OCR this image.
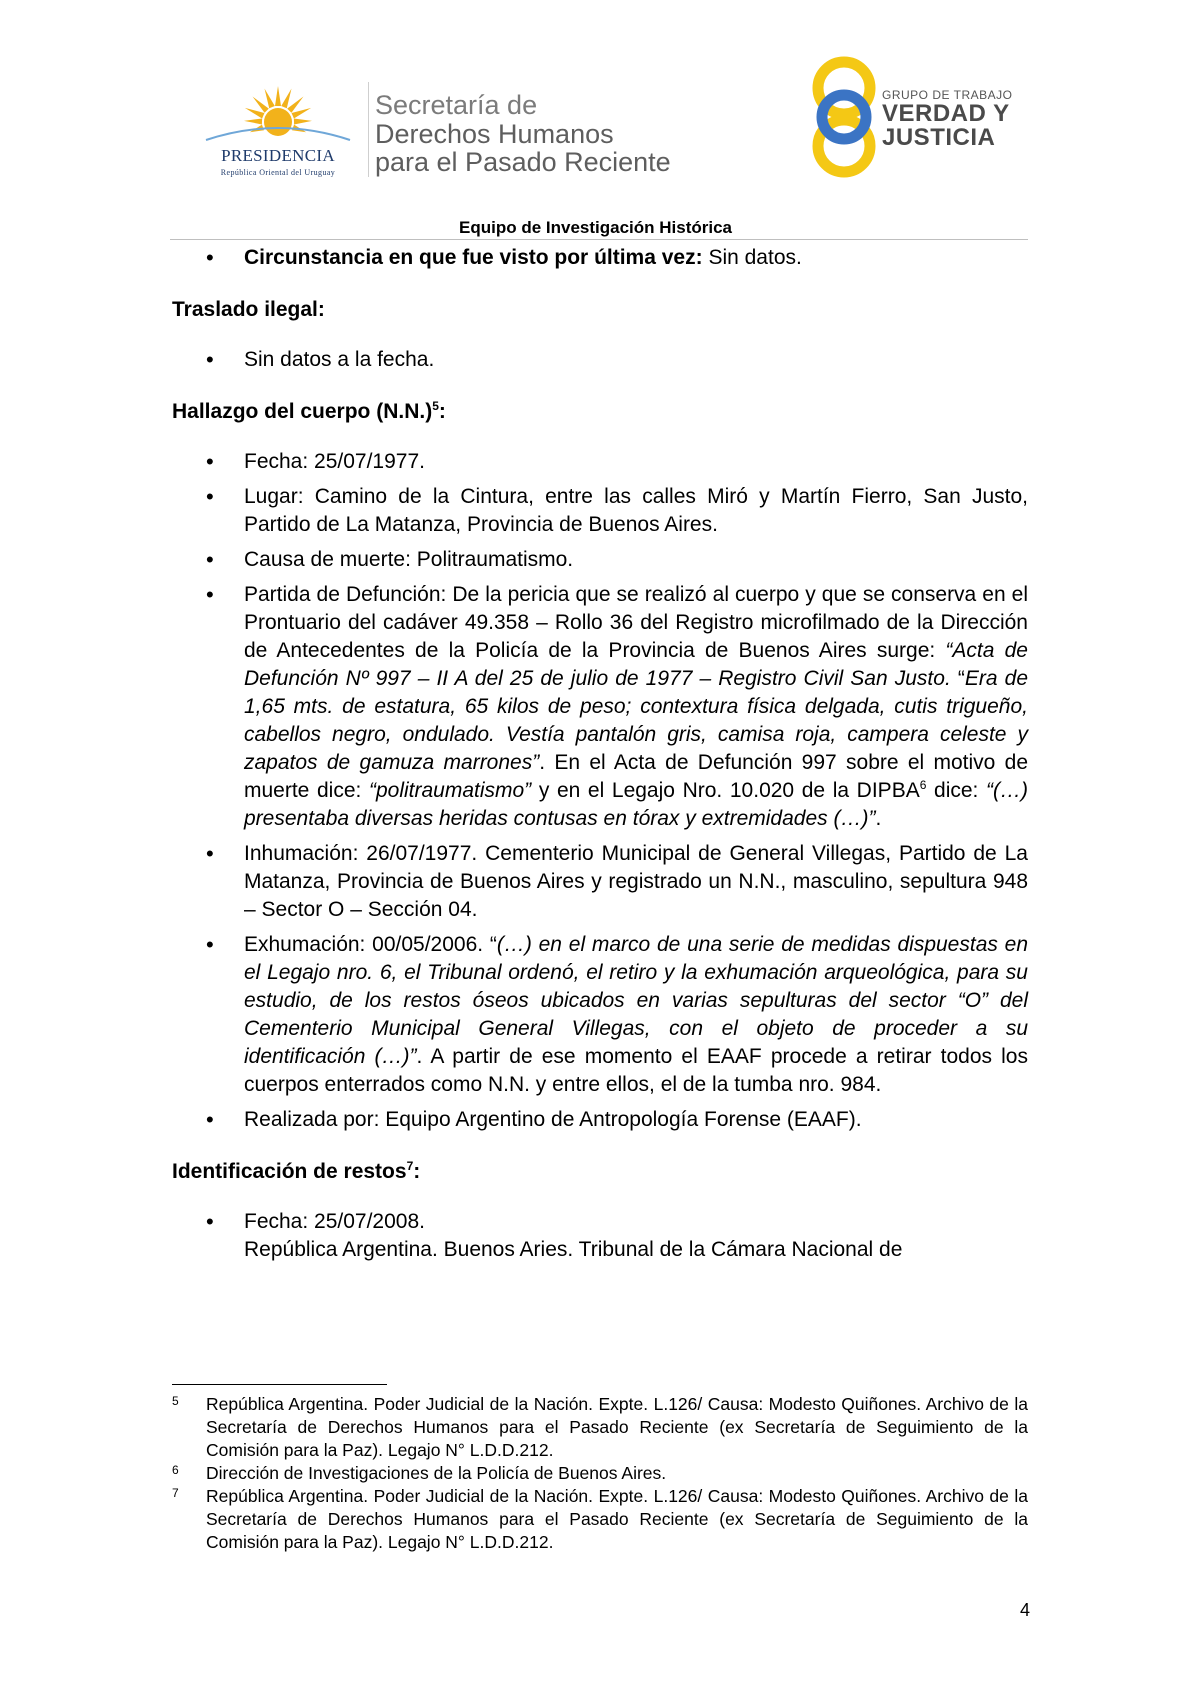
PRESIDENCIA
República Oriental del Uruguay
Secretaría de
Derechos Humanos
para el Pasado Reciente
GRUPO DE TRABAJO
VERDAD Y
JUSTICIA
Equipo de Investigación Histórica
• Circunstancia en que fue visto por última vez: Sin datos.
Traslado ilegal:
• Sin datos a la fecha.
Hallazgo del cuerpo $(N.N.)^5$:
• Fecha: 25/07/1977.
• Lugar: Camino de la Cintura, entre las calles Miró y Martín Fierro, San Justo, Partido de La Matanza, Provincia de Buenos Aires.
• Causa de muerte: Politraumatismo.
• Partida de Defunción: De la pericia que se realizó al cuerpo y que se conserva en el Prontuario del cadáver 49.358 – Rollo 36 del Registro microfilmado de la Dirección de Antecedentes de la Policía de la Provincia de Buenos Aires surge: “Acta de Defunción Nº 997 – II A del 25 de julio de 1977 – Registro Civil San Justo. “Era de 1,65 mts. de estatura, 65 kilos de peso; contextura física delgada, cutis trigueño, cabellos negro, ondulado. Vestía pantalón gris, camisa roja, campera celeste y zapatos de gamuza marrones”. En el Acta de Defunción 997 sobre el motivo de muerte dice: “politraumatismo” y en el Legajo Nro. 10.020 de la DIPBA$^6$ dice: “(…) presentaba diversas heridas contusas en tórax y extremidades (…)”.
• Inhumación: 26/07/1977. Cementerio Municipal de General Villegas, Partido de La Matanza, Provincia de Buenos Aires y registrado un N.N., masculino, sepultura 948 – Sector O – Sección 04.
• Exhumación: 00/05/2006. “(…) en el marco de una serie de medidas dispuestas en el Legajo nro. 6, el Tribunal ordenó, el retiro y la exhumación arqueológica, para su estudio, de los restos óseos ubicados en varias sepulturas del sector “O” del Cementerio Municipal General Villegas, con el objeto de proceder a su identificación (…)”. A partir de ese momento el EAAF procede a retirar todos los cuerpos enterrados como N.N. y entre ellos, el de la tumba nro. 984.
• Realizada por: Equipo Argentino de Antropología Forense (EAAF).
Identificación de restos$^7$:
• Fecha: 25/07/2008.
República Argentina. Buenos Aries. Tribunal de la Cámara Nacional de
5 República Argentina. Poder Judicial de la Nación. Expte. L.126/ Causa: Modesto Quiñones. Archivo de la Secretaría de Derechos Humanos para el Pasado Reciente (ex Secretaría de Seguimiento de la Comisión para la Paz). Legajo N° L.D.D.212.
6 Dirección de Investigaciones de la Policía de Buenos Aires.
7 República Argentina. Poder Judicial de la Nación. Expte. L.126/ Causa: Modesto Quiñones. Archivo de la Secretaría de Derechos Humanos para el Pasado Reciente (ex Secretaría de Seguimiento de la Comisión para la Paz). Legajo N° L.D.D.212.
4
